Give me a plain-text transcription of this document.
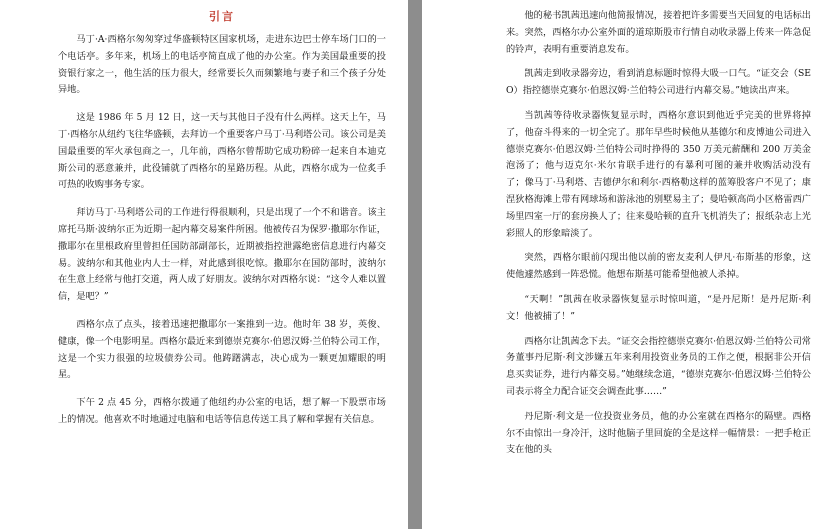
引言

马丁·A·西格尔匆匆穿过华盛顿特区国家机场，走进东边巴士停车场门口的一个电话亭。多年来，机场上的电话亭简直成了他的办公室。作为美国最重要的投资银行家之一，他生活的压力很大，经常要长久而频繁地与妻子和三个孩子分处异地。

这是 1986 年 5 月 12 日，这一天与其他日子没有什么两样。这天上午，马丁·西格尔从纽约飞往华盛顿，去拜访一个重要客户马丁·马利塔公司。该公司是美国最重要的军火承包商之一，几年前，西格尔曾帮助它成功粉碎一起来自本迪克斯公司的恶意兼并，此役铺就了西格尔的星路历程。从此，西格尔成为一位炙手可热的收购事务专家。

拜访马丁·马利塔公司的工作进行得很顺利，只是出现了一个不和谐音。该主席托马斯·波纳尔正为近期一起内幕交易案件所困。他被传召为保罗·撒耶尔作证，撒耶尔在里根政府里曾担任国防部副部长，近期被指控泄露绝密信息进行内幕交易。波纳尔和其他业内人士一样，对此感到很吃惊。撒耶尔在国防部时，波纳尔在生意上经常与他打交道，两人成了好朋友。波纳尔对西格尔说：“这令人难以置信，是吧？”

西格尔点了点头，接着迅速把撒耶尔一案推到一边。他时年 38 岁，英俊、健康，像一个电影明星。西格尔最近来到德崇克赛尔·伯恩汉姆·兰伯特公司工作，这是一个实力很强的垃圾债券公司。他踌躇满志，决心成为一颗更加耀眼的明星。

下午 2 点 45 分，西格尔拨通了他纽约办公室的电话，想了解一下股票市场上的情况。他喜欢不时地通过电脑和电话等信息传送工具了解和掌握有关信息。

他的秘书凯茜迅速向他简报情况，接着把许多需要当天回复的电话标出来。突然，西格尔办公室外面的道琼斯股市行情自动收录器上传来一阵急促的铃声，表明有重要消息发布。

凯茜走到收录器旁边，看到消息标题时惊得大吸一口气。“证交会（SEO）指控德崇克赛尔·伯恩汉姆·兰伯特公司进行内幕交易。”她读出声来。

当凯茜等待收录器恢复显示时，西格尔意识到他近乎完美的世界将掉了，他奋斗得来的一切全完了。那年早些时候他从基德尔和皮博迪公司进入德崇克赛尔·伯恩汉姆·兰伯特公司时挣得的 350 万美元薪酬和 200 万美金泡汤了；他与迈克尔·米尔肯联手进行的有暴利可图的兼并收购活动没有了；像马丁·马利塔、吉德伊尔和利尔·西格勒这样的蓝筹股客户不见了；康涅狄格海滩上带有网球场和游泳池的别墅易主了；曼哈顿高尚小区格雷西广场里四室一厅的套房换人了；往来曼哈顿的直升飞机消失了；报纸杂志上光彩照人的形象暗淡了。

突然，西格尔眼前闪现出他以前的密友麦利人伊凡·布斯基的形象，这使他遽然感到一阵恐慌。他想布斯基可能希望他被人杀掉。

“天啊！”凯茜在收录器恢复显示时惊叫道，“是丹尼斯！是丹尼斯·利文！他被捕了！”

西格尔让凯茜念下去。“证交会指控德崇克赛尔·伯恩汉姆·兰伯特公司常务董事丹尼斯·利文涉嫌五年来利用投资业务员的工作之便，根据非公开信息买卖证券，进行内幕交易。”她继续念道，“德崇克赛尔·伯恩汉姆·兰伯特公司表示将全力配合证交会调查此事……”

丹尼斯·利文是一位投资业务员，他的办公室就在西格尔的隔壁。西格尔不由惊出一身冷汗，这时他脑子里回旋的全是这样一幅情景：一把手枪正支在他的头
